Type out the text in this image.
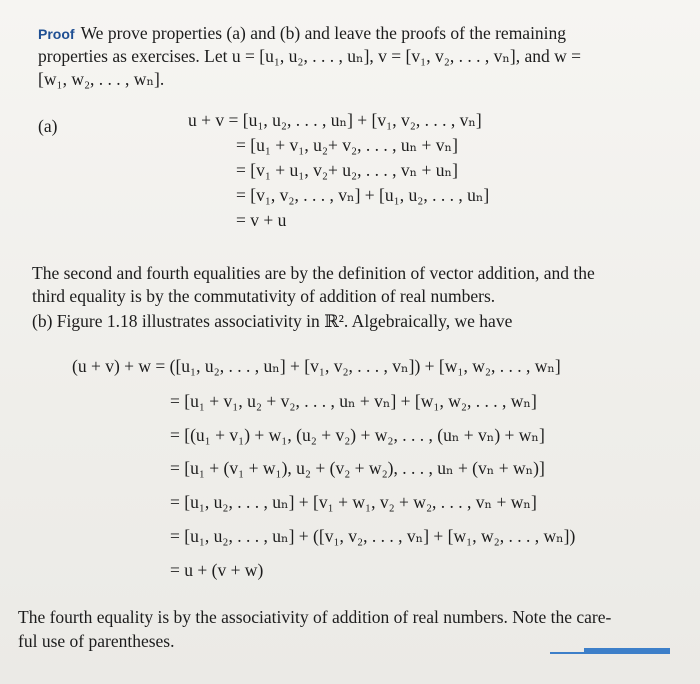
Proof We prove properties (a) and (b) and leave the proofs of the remaining
properties as exercises. Let u = [u₁, u₂, . . . , uₙ], v = [v₁, v₂, . . . , vₙ], and w =
[w₁, w₂, . . . , wₙ].
(a)	u + v = [u₁, u₂, . . . , uₙ] + [v₁, v₂, . . . , vₙ]
= [u₁ + v₁, u₂+ v₂, . . . , uₙ + vₙ]
= [v₁ + u₁, v₂+ u₂, . . . , vₙ + uₙ]
= [v₁, v₂, . . . , vₙ] + [u₁, u₂, . . . , uₙ]
= v + u
The second and fourth equalities are by the definition of vector addition, and the
third equality is by the commutativity of addition of real numbers.
(b) Figure 1.18 illustrates associativity in ℝ². Algebraically, we have
(u + v) + w = ([u₁, u₂, . . . , uₙ] + [v₁, v₂, . . . , vₙ]) + [w₁, w₂, . . . , wₙ]
= [u₁ + v₁, u₂ + v₂, . . . , uₙ + vₙ] + [w₁, w₂, . . . , wₙ]
= [(u₁ + v₁) + w₁, (u₂ + v₂) + w₂, . . . , (uₙ + vₙ) + wₙ]
= [u₁ + (v₁ + w₁), u₂ + (v₂ + w₂), . . . , uₙ + (vₙ + wₙ)]
= [u₁, u₂, . . . , uₙ] + [v₁ + w₁, v₂ + w₂, . . . , vₙ + wₙ]
= [u₁, u₂, . . . , uₙ] + ([v₁, v₂, . . . , vₙ] + [w₁, w₂, . . . , wₙ])
= u + (v + w)
The fourth equality is by the associativity of addition of real numbers. Note the care-
ful use of parentheses.
